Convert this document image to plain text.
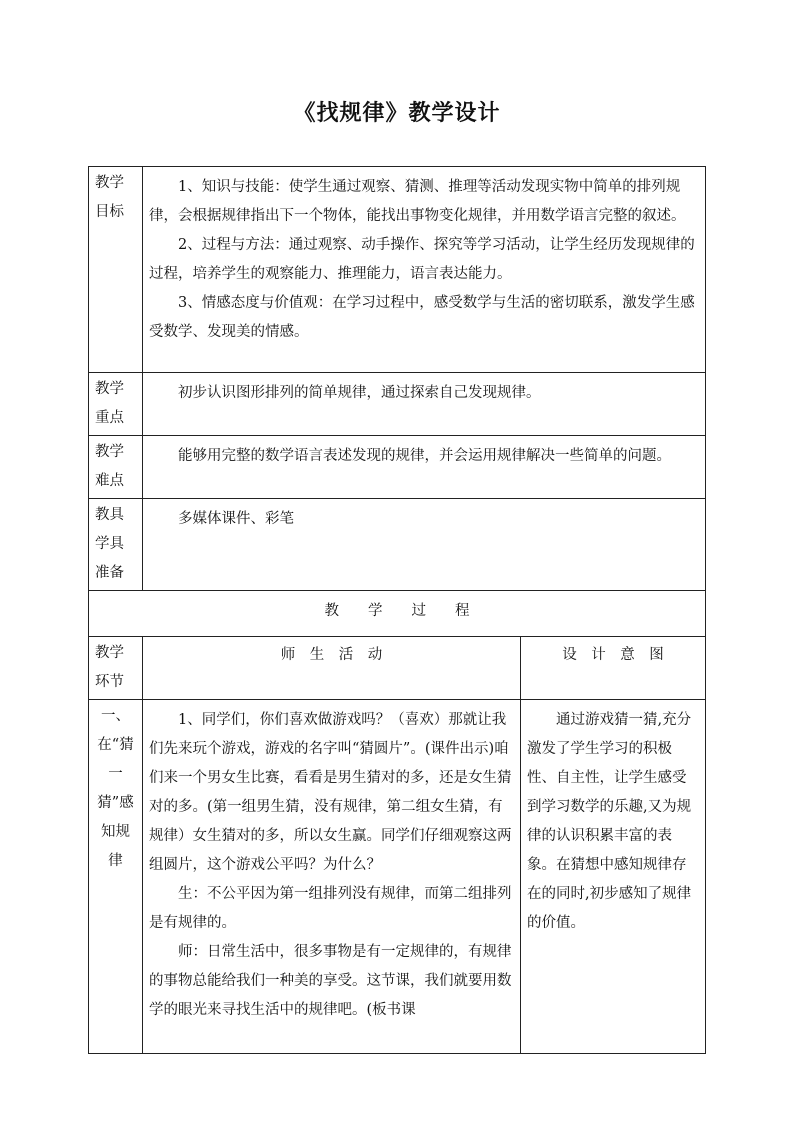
《找规律》教学设计
教学目标	1、知识与技能：使学生通过观察、猜测、推理等活动发现实物中简单的排列规律，会根据规律指出下一个物体，能找出事物变化规律，并用数学语言完整的叙述。

2、过程与方法：通过观察、动手操作、探究等学习活动，让学生经历发现规律的过程，培养学生的观察能力、推理能力，语言表达能力。

3、情感态度与价值观：在学习过程中，感受数学与生活的密切联系，激发学生感受数学、发现美的情感。	

教学重点	初步认识图形排列的简单规律，通过探索自己发现规律。	
教学难点	能够用完整的数学语言表述发现的规律，并会运用规律解决一些简单的问题。	
教具学具准备	多媒体课件、彩笔	
教　　学　　过　　程		
教学环节	师　生　活　动	设　计　意　图
一、在“猜一猜”感知规律	1、同学们，你们喜欢做游戏吗？（喜欢）那就让我们先来玩个游戏，游戏的名字叫“猜圆片”。(课件出示)咱们来一个男女生比赛，看看是男生猜对的多，还是女生猜对的多。(第一组男生猜，没有规律，第二组女生猜，有规律）女生猜对的多，所以女生赢。同学们仔细观察这两组圆片，这个游戏公平吗？为什么？

生：不公平因为第一组排列没有规律，而第二组排列是有规律的。

师：日常生活中，很多事物是有一定规律的，有规律的事物总能给我们一种美的享受。这节课，我们就要用数学的眼光来寻找生活中的规律吧。(板书课	通过游戏猜一猜,充分激发了学生学习的积极性、自主性，让学生感受到学习数学的乐趣,又为规律的认识积累丰富的表象。在猜想中感知规律存在的同时,初步感知了规律的价值。
